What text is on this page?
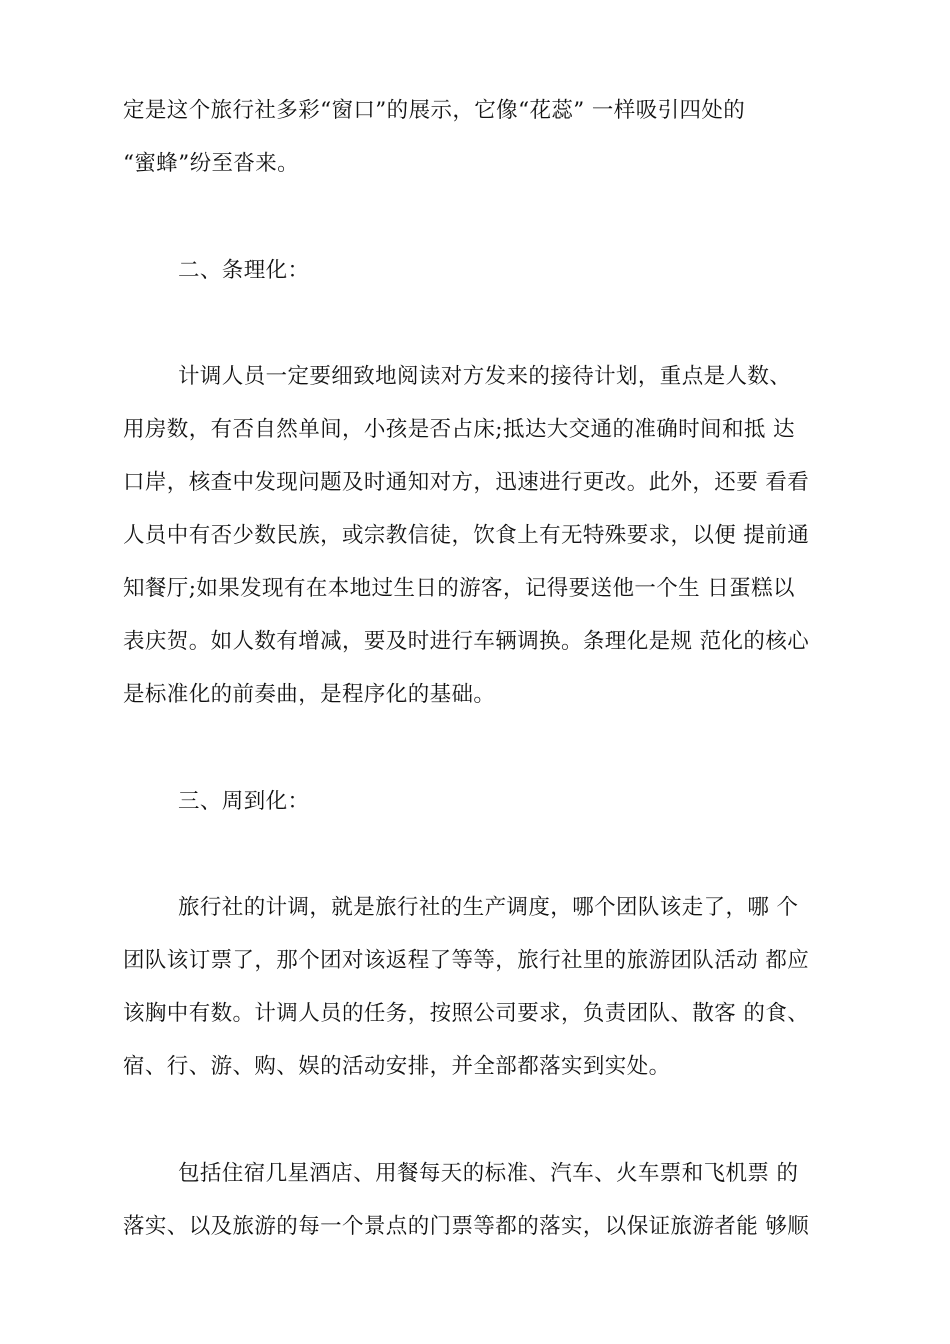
定是这个旅行社多彩“窗口”的展示，它像“花蕊” 一样吸引四处的
“蜜蜂”纷至沓来。
二、条理化：
计调人员一定要细致地阅读对方发来的接待计划，重点是人数、
用房数，有否自然单间，小孩是否占床;抵达大交通的准确时间和抵 达
口岸，核查中发现问题及时通知对方，迅速进行更改。此外，还要 看看
人员中有否少数民族，或宗教信徒，饮食上有无特殊要求，以便 提前通
知餐厅;如果发现有在本地过生日的游客，记得要送他一个生 日蛋糕以
表庆贺。如人数有增减，要及时进行车辆调换。条理化是规 范化的核心
是标准化的前奏曲，是程序化的基础。
三、周到化：
旅行社的计调，就是旅行社的生产调度，哪个团队该走了，哪 个
团队该订票了，那个团对该返程了等等，旅行社里的旅游团队活动 都应
该胸中有数。计调人员的任务，按照公司要求，负责团队、散客 的食、
宿、行、游、购、娱的活动安排，并全部都落实到实处。
包括住宿几星酒店、用餐每天的标准、汽车、火车票和飞机票 的
落实、以及旅游的每一个景点的门票等都的落实，以保证旅游者能 够顺
